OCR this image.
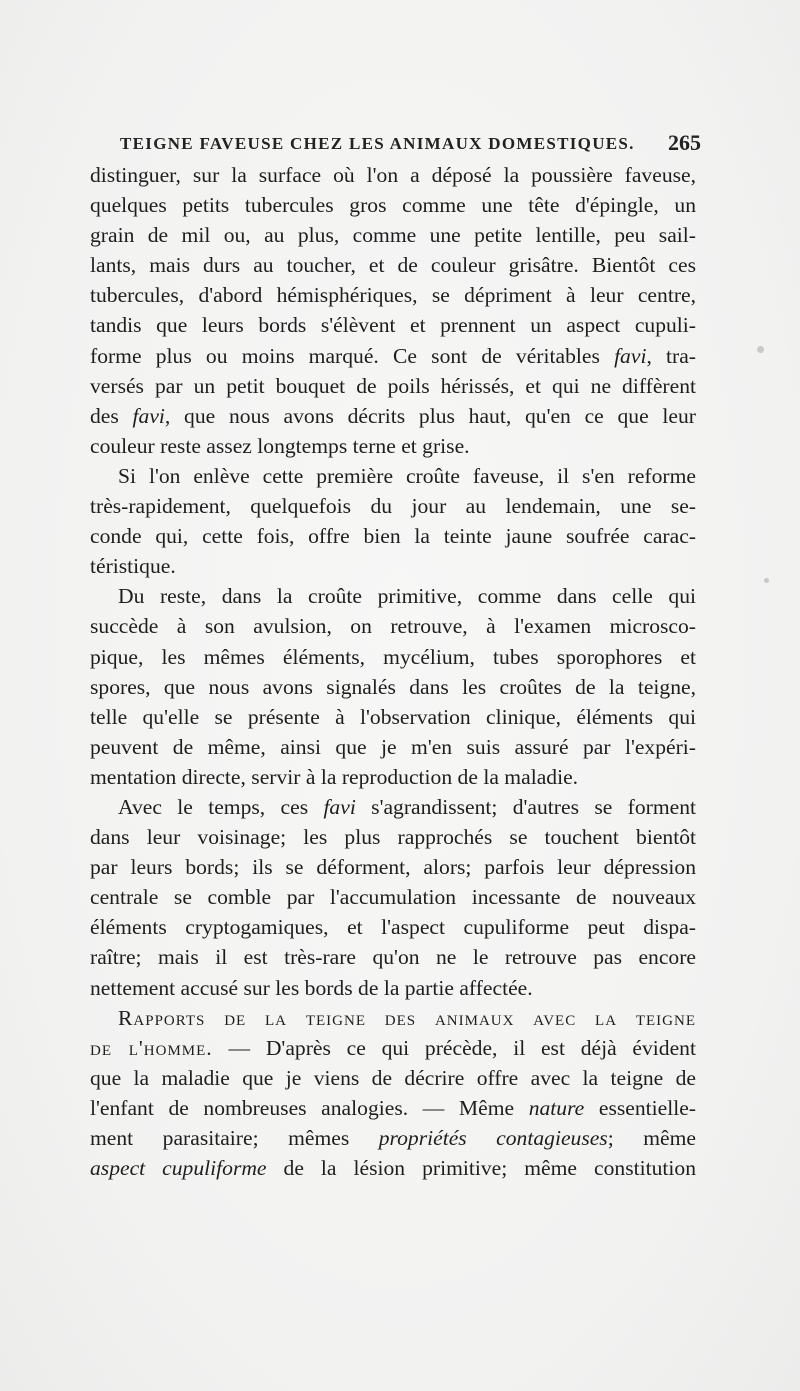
TEIGNE FAVEUSE CHEZ LES ANIMAUX DOMESTIQUES. 265
distinguer, sur la surface où l'on a déposé la poussière faveuse,
quelques petits tubercules gros comme une tête d'épingle, un
grain de mil ou, au plus, comme une petite lentille, peu sail-
lants, mais durs au toucher, et de couleur grisâtre. Bientôt ces
tubercules, d'abord hémisphériques, se dépriment à leur centre,
tandis que leurs bords s'élèvent et prennent un aspect cupuli-
forme plus ou moins marqué. Ce sont de véritables favi, tra-
versés par un petit bouquet de poils hérissés, et qui ne diffèrent
des favi, que nous avons décrits plus haut, qu'en ce que leur
couleur reste assez longtemps terne et grise.
Si l'on enlève cette première croûte faveuse, il s'en reforme
très-rapidement, quelquefois du jour au lendemain, une se-
conde qui, cette fois, offre bien la teinte jaune soufrée carac-
téristique.
Du reste, dans la croûte primitive, comme dans celle qui
succède à son avulsion, on retrouve, à l'examen microsco-
pique, les mêmes éléments, mycélium, tubes sporophores et
spores, que nous avons signalés dans les croûtes de la teigne,
telle qu'elle se présente à l'observation clinique, éléments qui
peuvent de même, ainsi que je m'en suis assuré par l'expéri-
mentation directe, servir à la reproduction de la maladie.
Avec le temps, ces favi s'agrandissent; d'autres se forment
dans leur voisinage; les plus rapprochés se touchent bientôt
par leurs bords; ils se déforment, alors; parfois leur dépression
centrale se comble par l'accumulation incessante de nouveaux
éléments cryptogamiques, et l'aspect cupuliforme peut dispa-
raître; mais il est très-rare qu'on ne le retrouve pas encore
nettement accusé sur les bords de la partie affectée.
Rapports de la teigne des animaux avec la teigne
de l'homme. — D'après ce qui précède, il est déjà évident
que la maladie que je viens de décrire offre avec la teigne de
l'enfant de nombreuses analogies. — Même nature essentielle-
ment parasitaire; mêmes propriétés contagieuses; même
aspect cupuliforme de la lésion primitive; même constitution
